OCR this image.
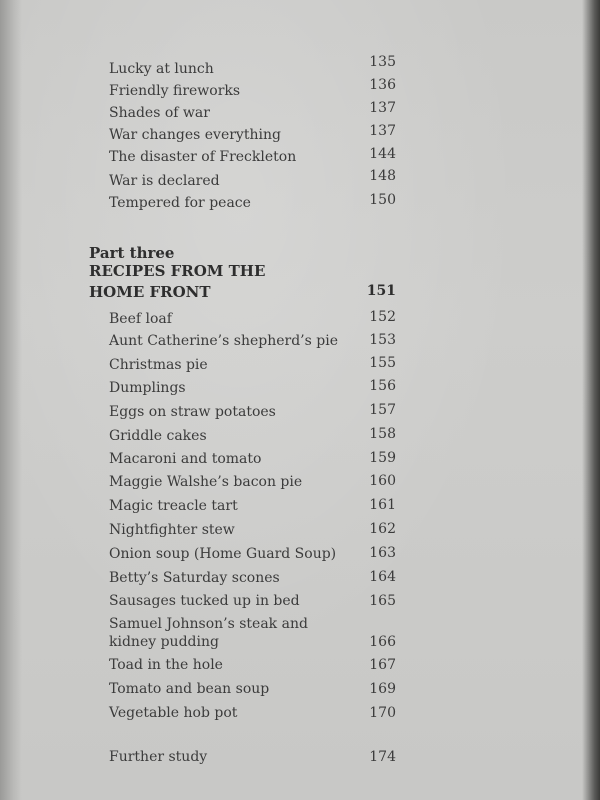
Lucky at lunch	135
Friendly fireworks	136
Shades of war	137
War changes everything	137
The disaster of Freckleton	144
War is declared	148
Tempered for peace	150
Part three
RECIPES FROM THE
HOME FRONT	151
Beef loaf	152
Aunt Catherine’s shepherd’s pie	153
Christmas pie	155
Dumplings	156
Eggs on straw potatoes	157
Griddle cakes	158
Macaroni and tomato	159
Maggie Walshe’s bacon pie	160
Magic treacle tart	161
Nightfighter stew	162
Onion soup (Home Guard Soup)	163
Betty’s Saturday scones	164
Sausages tucked up in bed	165
Samuel Johnson’s steak and
kidney pudding	166
Toad in the hole	167
Tomato and bean soup	169
Vegetable hob pot	170
Further study	174
